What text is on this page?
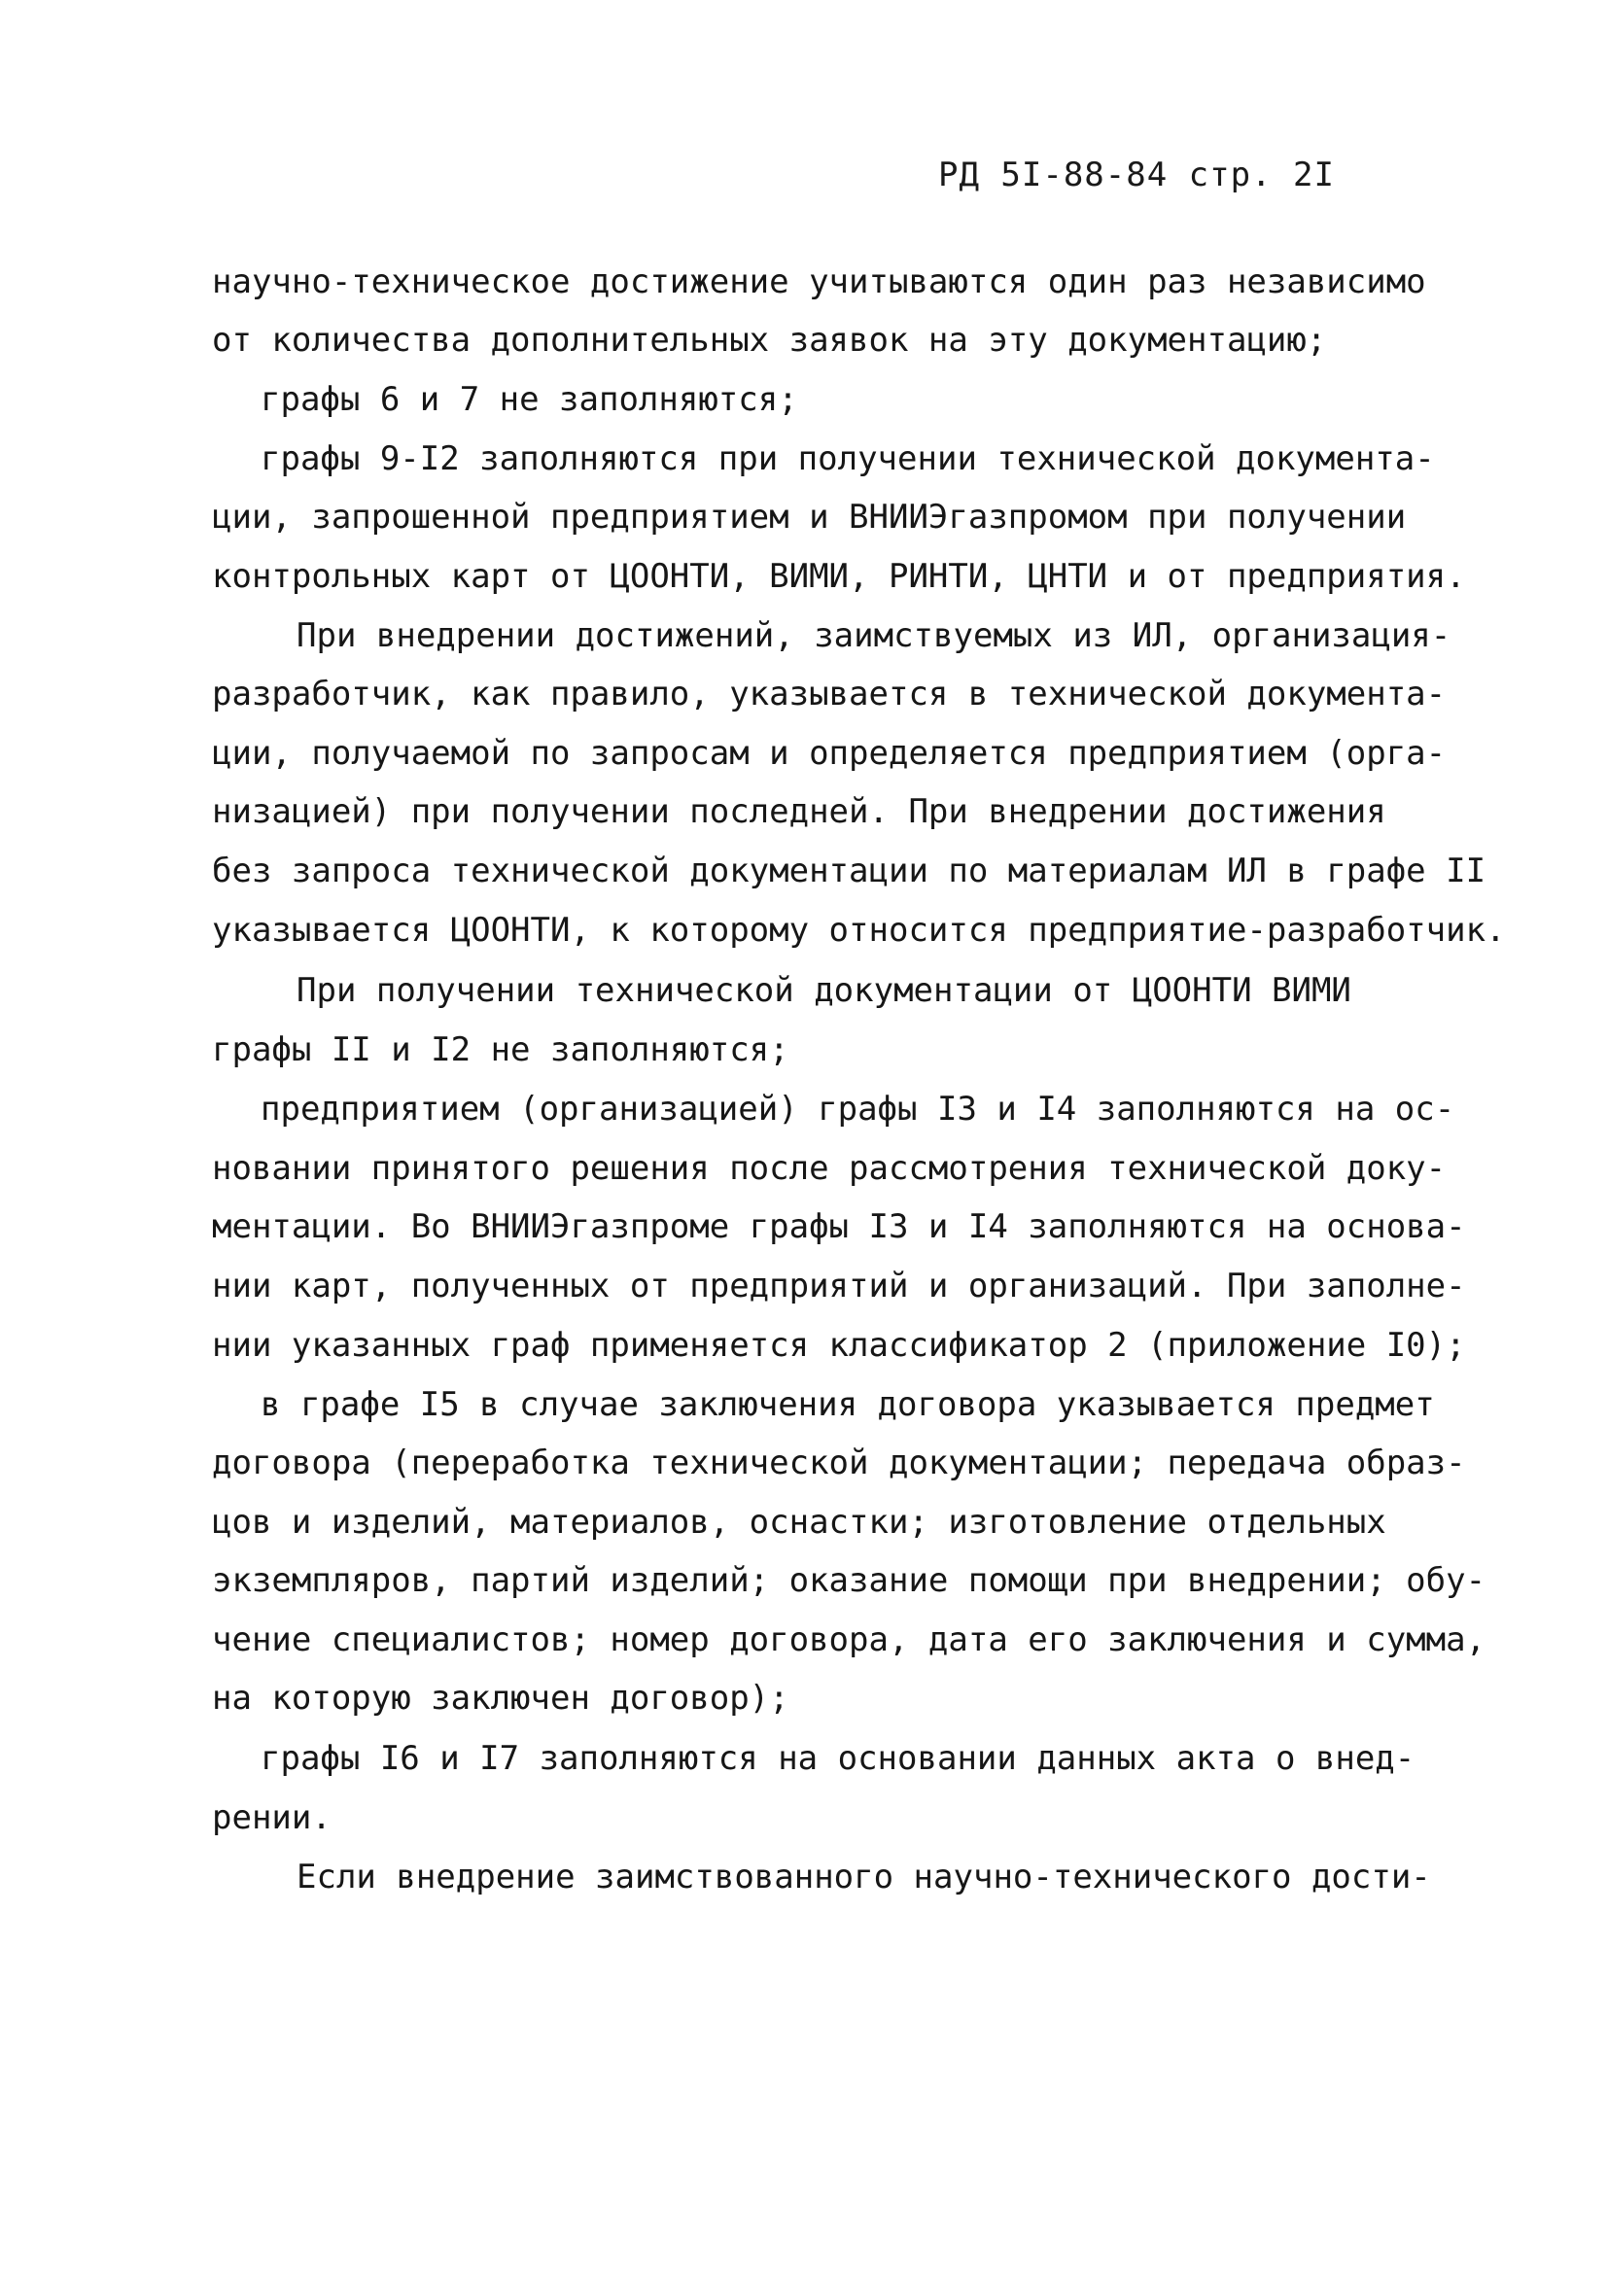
РД 5I-88-84 стр. 2I
научно-техническое достижение учитываются один раз независимо
от количества дополнительных заявок на эту документацию;
графы 6 и 7 не заполняются;
графы 9-I2 заполняются при получении технической документа-
ции, запрошенной предприятием и ВНИИЭгазпромом при получении
контрольных карт от ЦООНТИ, ВИМИ, РИНТИ, ЦНТИ и от предприятия.
При внедрении достижений, заимствуемых из ИЛ, организация-
разработчик, как правило, указывается в технической документа-
ции, получаемой по запросам и определяется предприятием (орга-
низацией) при получении последней. При внедрении достижения
без запроса технической документации по материалам ИЛ в графе II
указывается ЦООНТИ, к которому относится предприятие-разработчик.
При получении технической документации от ЦООНТИ ВИМИ
графы II и I2 не заполняются;
предприятием (организацией) графы I3 и I4 заполняются на ос-
новании принятого решения после рассмотрения технической доку-
ментации. Во ВНИИЭгазпроме графы I3 и I4 заполняются на основа-
нии карт, полученных от предприятий и организаций. При заполне-
нии указанных граф применяется классификатор 2 (приложение I0);
в графе I5 в случае заключения договора указывается предмет
договора (переработка технической документации; передача образ-
цов и изделий, материалов, оснастки; изготовление отдельных
экземпляров, партий изделий; оказание помощи при внедрении; обу-
чение специалистов; номер договора, дата его заключения и сумма,
на которую заключен договор);
графы I6 и I7 заполняются на основании данных акта о внед-
рении.
Если внедрение заимствованного научно-технического дости-
